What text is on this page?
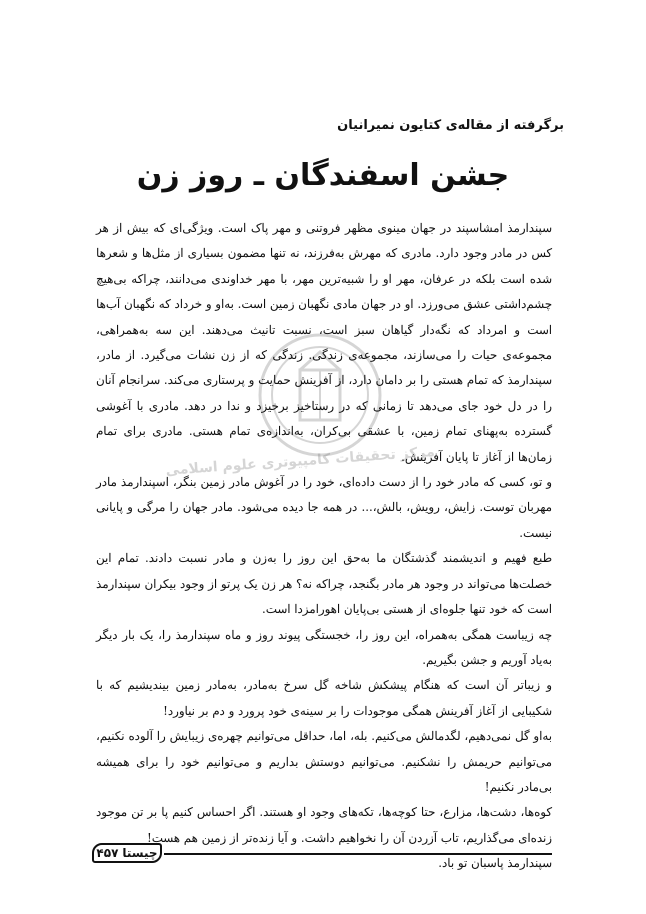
برگرفته از مقاله‌ی کتایون نمیرانیان
جشن اسفندگان ـ روز زن
مرکز تحقیقات کامپیوتری علوم اسلامی

سپندارمذ امشاسپند در جهان مینوی مظهر فروتنی و مهر پاک است. ویژگی‌ای که بیش از هر کس در مادر وجود دارد. مادری که مهرش به‌فرزند، نه تنها مضمون بسیاری از مثل‌ها و شعرها شده است بلکه در عرفان، مهر او را شبیه‌ترین مهر، با مهر خداوندی می‌دانند، چراکه بی‌هیچ چشم‌داشتی عشق می‌ورزد. او در جهان مادی نگهبان زمین است. به‌او و خرداد که نگهبان آب‌ها است و امرداد که نگه‌دار گیاهان سبز است، نسبت تانیث می‌دهند. این سه به‌همراهی، مجموعه‌ی حیات را می‌سازند، مجموعه‌ی زندگی. زندگی که از زن نشات می‌گیرد. از مادر، سپندارمذ که تمام هستی را بر دامان دارد، از آفرینش حمایت و پرستاری می‌کند. سرانجام آنان را در دل خود جای می‌دهد تا زمانی که در رستاخیز برخیزد و ندا در دهد. مادری با آغوشی گسترده به‌پهنای تمام زمین، با عشقی بی‌کران، به‌اندازه‌ی تمام هستی. مادری برای تمام زمان‌ها از آغاز تا پایان آفرینش.

و تو، کسی که مادر خود را از دست داده‌ای، خود را در آغوش مادر زمین بنگر، اسپندارمذ مادر مهربان توست. زایش، رویش، بالش،... در همه جا دیده می‌شود. مادر جهان را مرگی و پایانی نیست.

طبع فهیم و اندیشمند گذشتگان ما به‌حق این روز را به‌زن و مادر نسبت دادند. تمام این خصلت‌ها می‌تواند در وجود هر مادر بگنجد، چراکه نه؟ هر زن یک پرتو از وجود بیکران سپندارمذ است که خود تنها جلوه‌ای از هستی بی‌پایان اهورامزدا است.

چه زیباست همگی به‌همراه، این روز را، خجستگی پیوند روز و ماه سپندارمذ را، یک بار دیگر به‌یاد آوریم و جشن بگیریم.

و زیباتر آن است که هنگام پیشکش شاخه گل سرخ به‌مادر، به‌مادر زمین بیندیشیم که با شکیبایی از آغاز آفرینش همگی موجودات را بر سینه‌ی خود پرورد و دم بر نیاورد!

به‌او گل نمی‌دهیم، لگدمالش می‌کنیم. بله، اما، حداقل می‌توانیم چهره‌ی زیبایش را آلوده نکنیم، می‌توانیم حریمش را نشکنیم. می‌توانیم دوستش بداریم و می‌توانیم خود را برای همیشه بی‌مادر نکنیم!

کوه‌ها، دشت‌ها، مزارع، حتا کوچه‌ها، تکه‌های وجود او هستند. اگر احساس کنیم پا بر تن موجود زنده‌ای می‌گذاریم، تاب آزردن آن را نخواهیم داشت. و آیا زنده‌تر از زمین هم هست!

سپندارمذ پاسبان تو باد.

چیستا
۴۵۷
